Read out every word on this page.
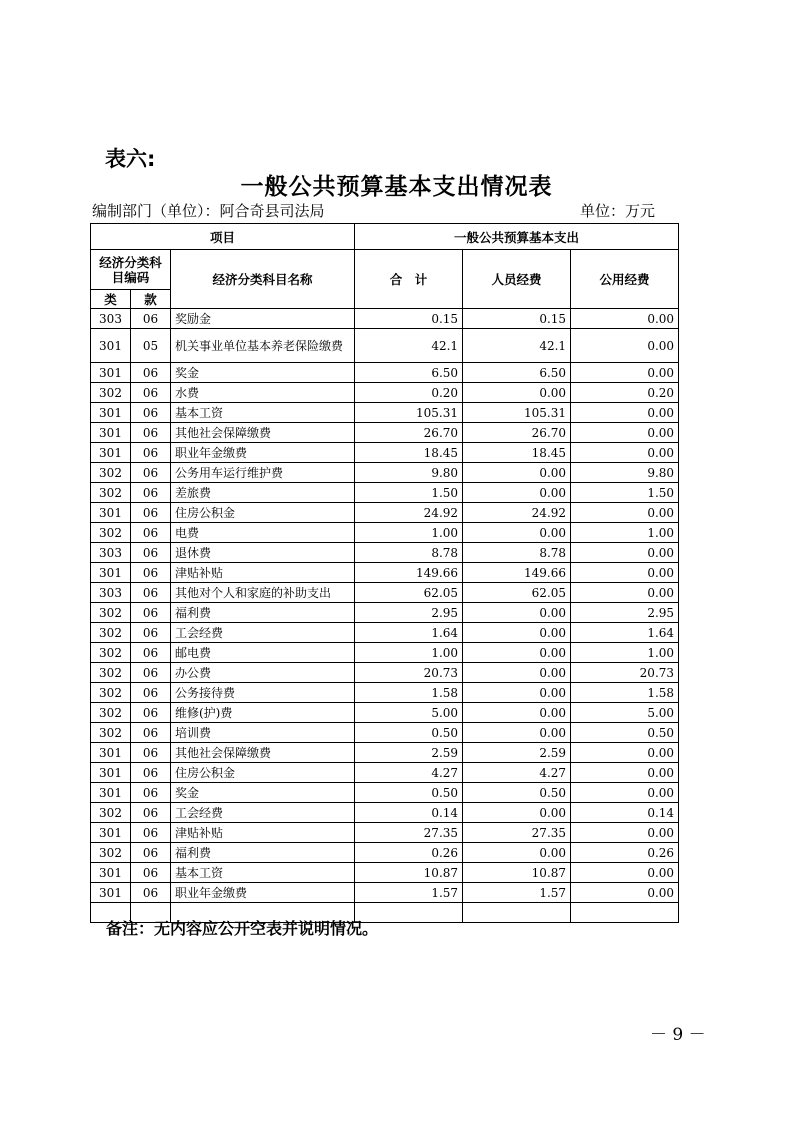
表六:
一般公共预算基本支出情况表
编制部门（单位）：阿合奇县司法局	单位：万元
项目			一般公共预算基本支出		
经济分类科目编码		经济分类科目名称	合　计	人员经费	公用经费
类	款				
303	06	奖励金	0.15	0.15	0.00
301	05	机关事业单位基本养老保险缴费	42.1	42.1	0.00
301	06	奖金	6.50	6.50	0.00
302	06	水费	0.20	0.00	0.20
301	06	基本工资	105.31	105.31	0.00
301	06	其他社会保障缴费	26.70	26.70	0.00
301	06	职业年金缴费	18.45	18.45	0.00
302	06	公务用车运行维护费	9.80	0.00	9.80
302	06	差旅费	1.50	0.00	1.50
301	06	住房公积金	24.92	24.92	0.00
302	06	电费	1.00	0.00	1.00
303	06	退休费	8.78	8.78	0.00
301	06	津贴补贴	149.66	149.66	0.00
303	06	其他对个人和家庭的补助支出	62.05	62.05	0.00
302	06	福利费	2.95	0.00	2.95
302	06	工会经费	1.64	0.00	1.64
302	06	邮电费	1.00	0.00	1.00
302	06	办公费	20.73	0.00	20.73
302	06	公务接待费	1.58	0.00	1.58
302	06	维修(护)费	5.00	0.00	5.00
302	06	培训费	0.50	0.00	0.50
301	06	其他社会保障缴费	2.59	2.59	0.00
301	06	住房公积金	4.27	4.27	0.00
301	06	奖金	0.50	0.50	0.00
302	06	工会经费	0.14	0.00	0.14
301	06	津贴补贴	27.35	27.35	0.00
302	06	福利费	0.26	0.00	0.26
301	06	基本工资	10.87	10.87	0.00
301	06	职业年金缴费	1.57	1.57	0.00

备注：无内容应公开空表并说明情况。
－ 9 －
